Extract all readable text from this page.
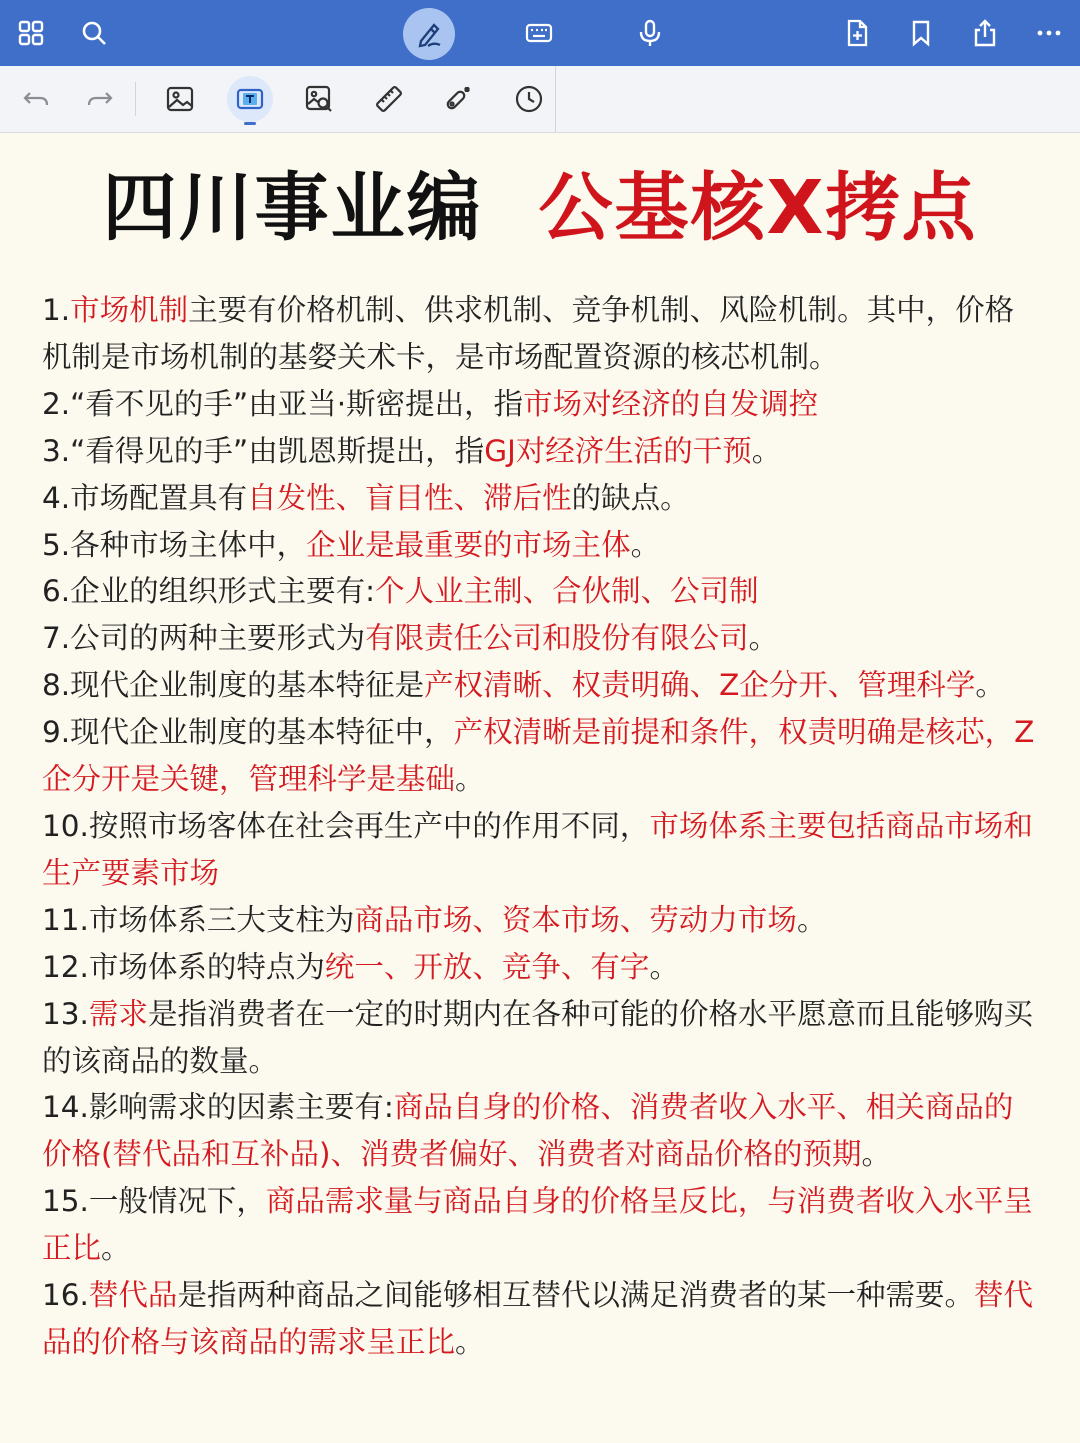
四川事业编 公基核X拷点

1.市场机制主要有价格机制、供求机制、竞争机制、风险机制。其中，价格机制是市场机制的基㛑关术卡，是市场配置资源的核芯机制。

2.“看不见的手”由亚当·斯密提出，指市场对经济的自发调控

3.“看得见的手”由凯恩斯提出，指GJ对经济生活的干预。

4.市场配置具有自发性、盲目性、滞后性的缺点。

5.各种市场主体中，企业是最重要的市场主体。

6.企业的组织形式主要有:个人业主制、合伙制、公司制

7.公司的两种主要形式为有限责任公司和股份有限公司。

8.现代企业制度的基本特征是产权清晰、权责明确、Z企分开、管理科学。

9.现代企业制度的基本特征中，产权清晰是前提和条件，权责明确是核芯，Z企分开是关键，管理科学是基础。

10.按照市场客体在社会再生产中的作用不同，市场体系主要包括商品市场和生产要素市场

11.市场体系三大支柱为商品市场、资本市场、劳动力市场。

12.市场体系的特点为统一、开放、竞争、有字。

13.需求是指消费者在一定的时期内在各种可能的价格水平愿意而且能够购买的该商品的数量。

14.影响需求的因素主要有:商品自身的价格、消费者收入水平、相关商品的价格(替代品和互补品)、消费者偏好、消费者对商品价格的预期。

15.一般情况下，商品需求量与商品自身的价格呈反比，与消费者收入水平呈正比。

16.替代品是指两种商品之间能够相互替代以满足消费者的某一种需要。替代品的价格与该商品的需求呈正比。
